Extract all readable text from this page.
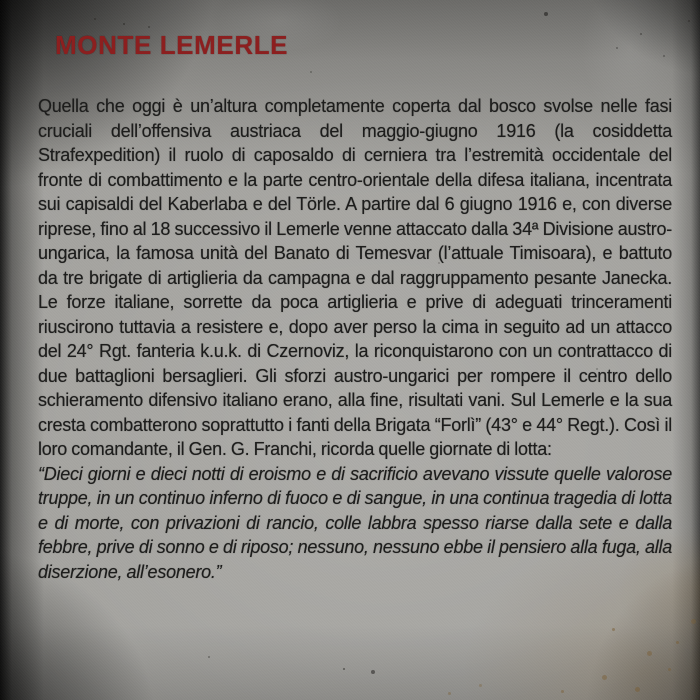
MONTE LEMERLE

Quella che oggi è un’altura completamente coperta dal bosco svolse nelle fasi cruciali dell’offensiva austriaca del maggio-giugno 1916 (la cosiddetta Strafexpedition) il ruolo di caposaldo di cerniera tra l’estremità occidentale del fronte di combattimento e la parte centro-orientale della difesa italiana, incentrata sui capisaldi del Kaberlaba e del Törle. A partire dal 6 giugno 1916 e, con diverse riprese, fino al 18 successivo il Lemerle venne attaccato dalla 34ª Divisione austro-ungarica, la famosa unità del Banato di Temesvar (l’attuale Timisoara), e battuto da tre brigate di artiglieria da campagna e dal raggruppamento pesante Janecka. Le forze italiane, sorrette da poca artiglieria e prive di adeguati trinceramenti riuscirono tuttavia a resistere e, dopo aver perso la cima in seguito ad un attacco del 24° Rgt. fanteria k.u.k. di Czernoviz, la riconquistarono con un contrattacco di due battaglioni bersaglieri. Gli sforzi austro-ungarici per rompere il centro dello schieramento difensivo italiano erano, alla fine, risultati vani. Sul Lemerle e la sua cresta combatterono soprattutto i fanti della Brigata “Forlì” (43° e 44° Regt.). Così il loro comandante, il Gen. G. Franchi, ricorda quelle giornate di lotta:

“Dieci giorni e dieci notti di eroismo e di sacrificio avevano vissute quelle valorose truppe, in un continuo inferno di fuoco e di sangue, in una continua tragedia di lotta e di morte, con privazioni di rancio, colle labbra spesso riarse dalla sete e dalla febbre, prive di sonno e di riposo; nessuno, nessuno ebbe il pensiero alla fuga, alla diserzione, all’esonero.”
